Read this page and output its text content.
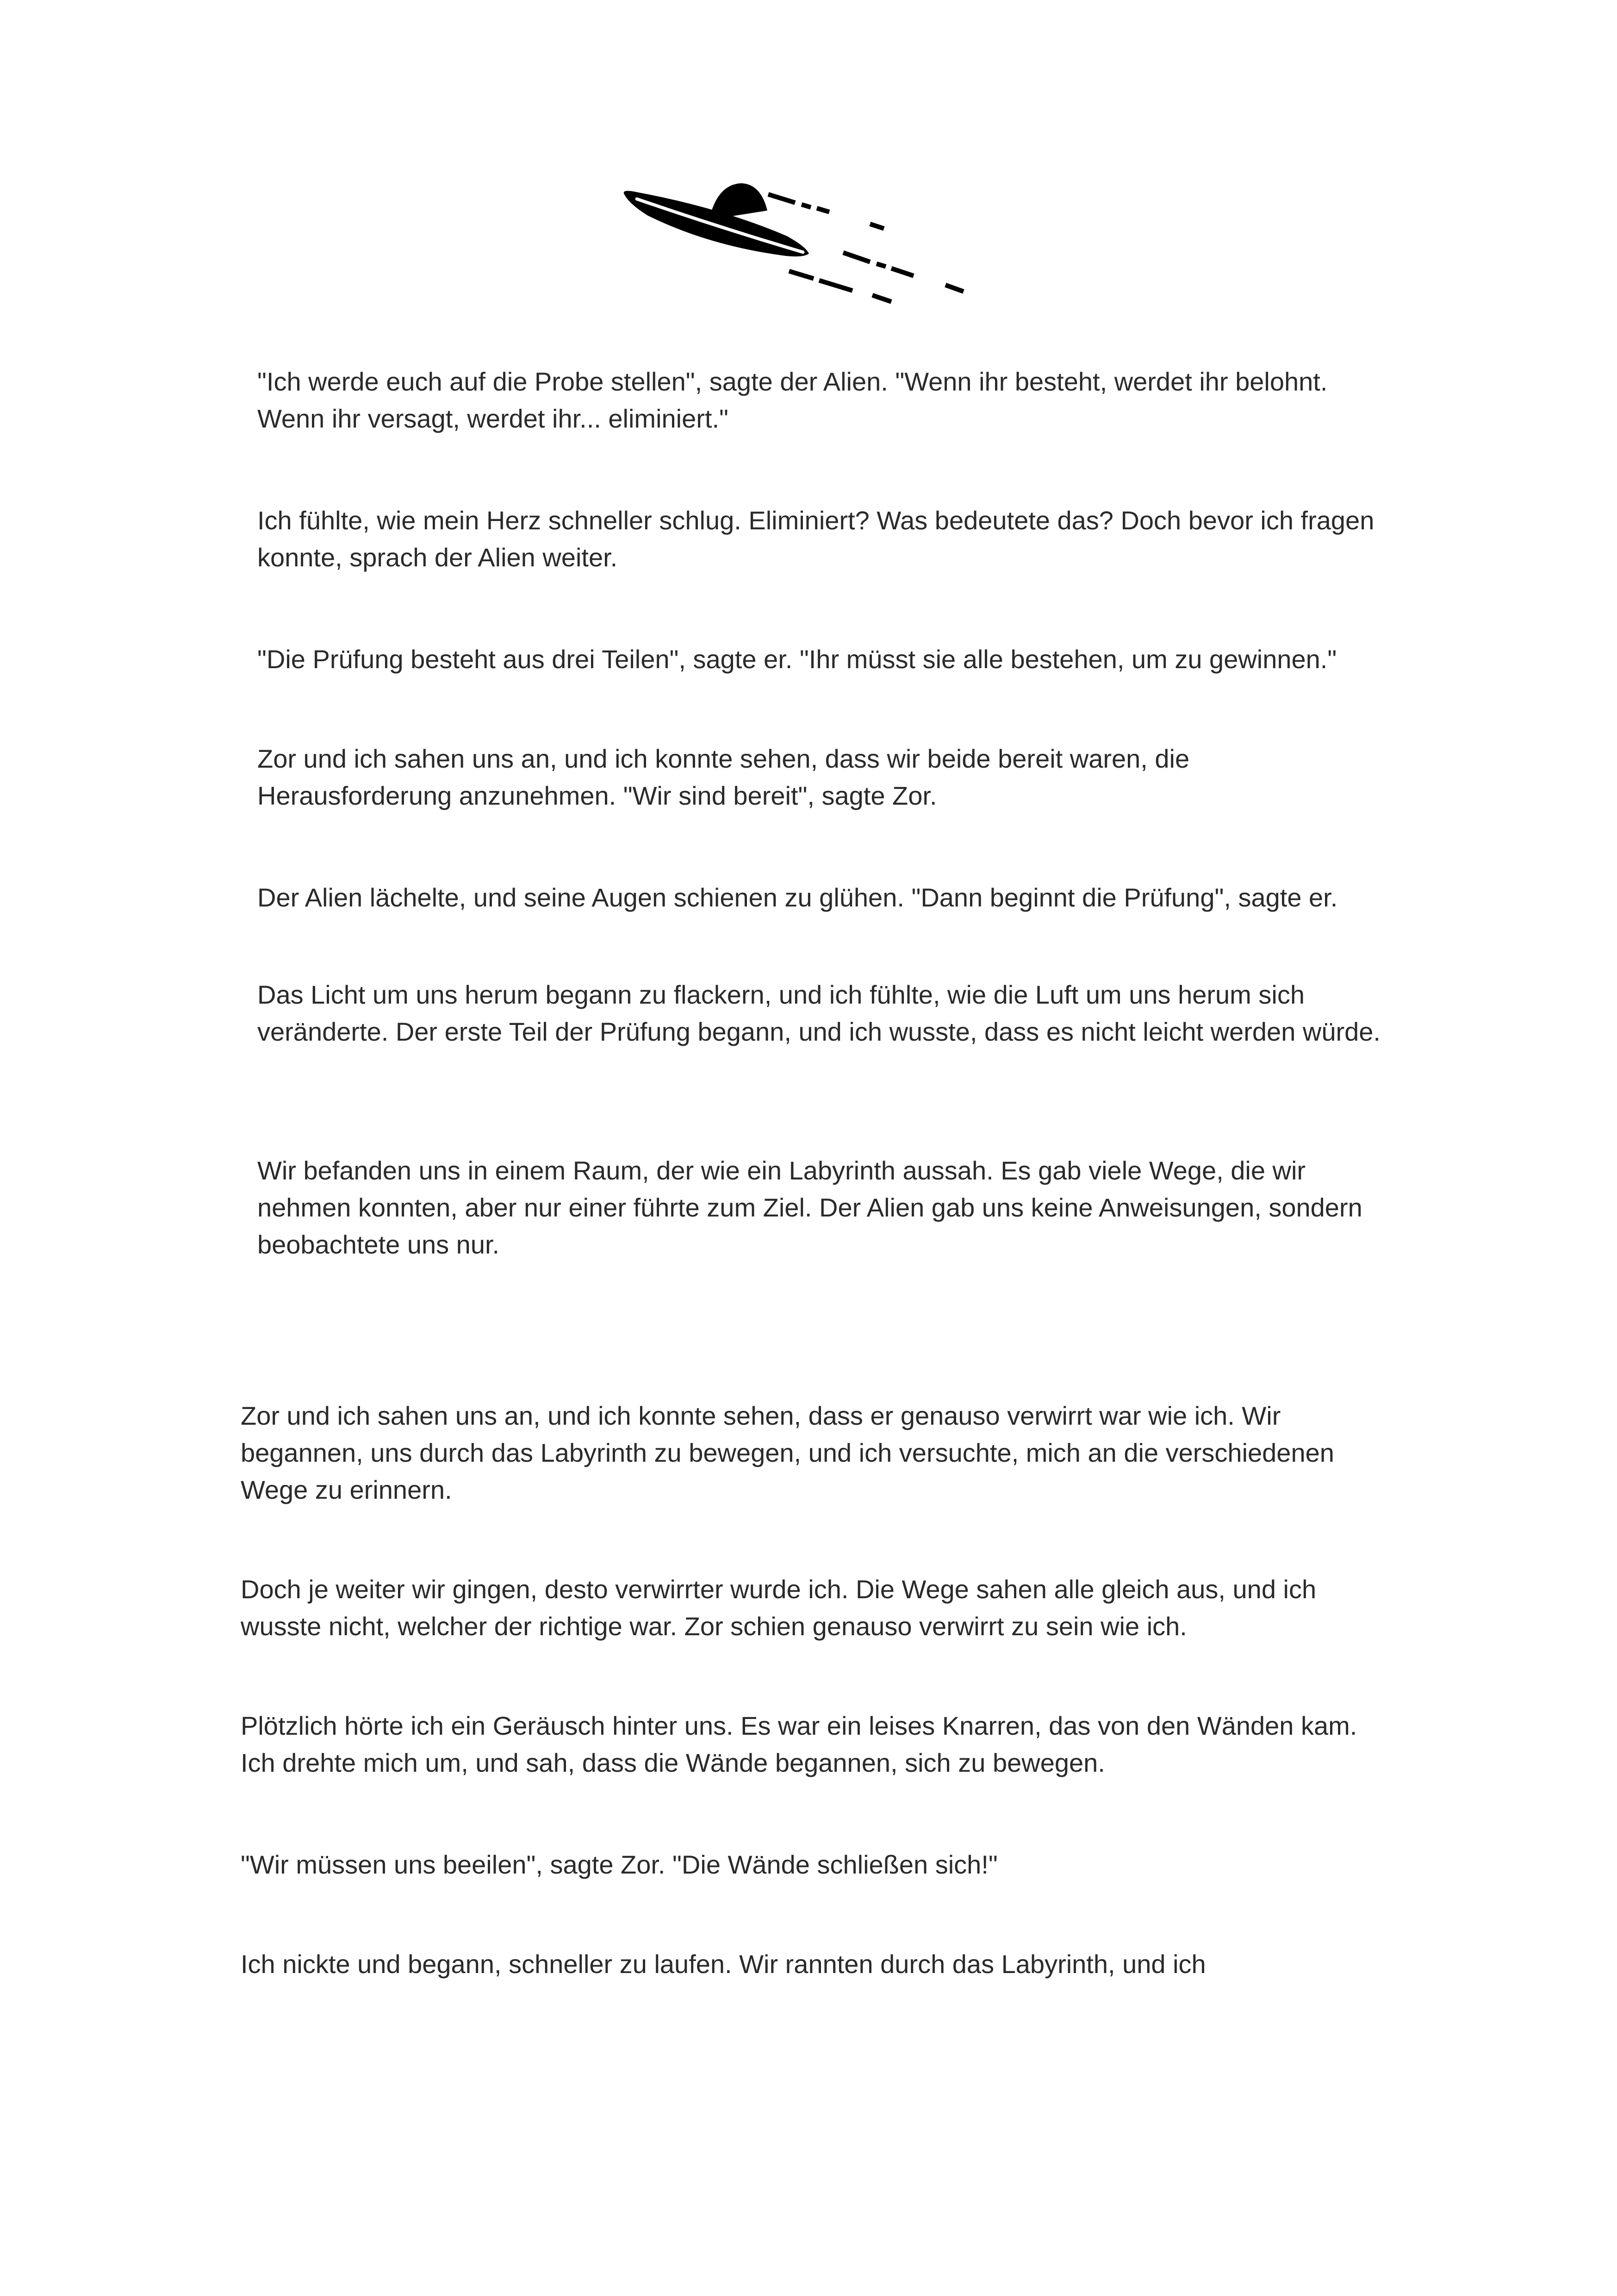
"Ich werde euch auf die Probe stellen", sagte der Alien. "Wenn ihr besteht, werdet ihr belohnt. Wenn ihr versagt, werdet ihr... eliminiert."

Ich fühlte, wie mein Herz schneller schlug. Eliminiert? Was bedeutete das? Doch bevor ich fragen konnte, sprach der Alien weiter.

"Die Prüfung besteht aus drei Teilen", sagte er. "Ihr müsst sie alle bestehen, um zu gewinnen."

Zor und ich sahen uns an, und ich konnte sehen, dass wir beide bereit waren, die Herausforderung anzunehmen. "Wir sind bereit", sagte Zor.

Der Alien lächelte, und seine Augen schienen zu glühen. "Dann beginnt die Prüfung", sagte er.

Das Licht um uns herum begann zu flackern, und ich fühlte, wie die Luft um uns herum sich veränderte. Der erste Teil der Prüfung begann, und ich wusste, dass es nicht leicht werden würde.

Wir befanden uns in einem Raum, der wie ein Labyrinth aussah. Es gab viele Wege, die wir nehmen konnten, aber nur einer führte zum Ziel. Der Alien gab uns keine Anweisungen, sondern beobachtete uns nur.

Zor und ich sahen uns an, und ich konnte sehen, dass er genauso verwirrt war wie ich. Wir begannen, uns durch das Labyrinth zu bewegen, und ich versuchte, mich an die verschiedenen Wege zu erinnern.

Doch je weiter wir gingen, desto verwirrter wurde ich. Die Wege sahen alle gleich aus, und ich wusste nicht, welcher der richtige war. Zor schien genauso verwirrt zu sein wie ich.

Plötzlich hörte ich ein Geräusch hinter uns. Es war ein leises Knarren, das von den Wänden kam. Ich drehte mich um, und sah, dass die Wände begannen, sich zu bewegen.

"Wir müssen uns beeilen", sagte Zor. "Die Wände schließen sich!"

Ich nickte und begann, schneller zu laufen. Wir rannten durch das Labyrinth, und ich
